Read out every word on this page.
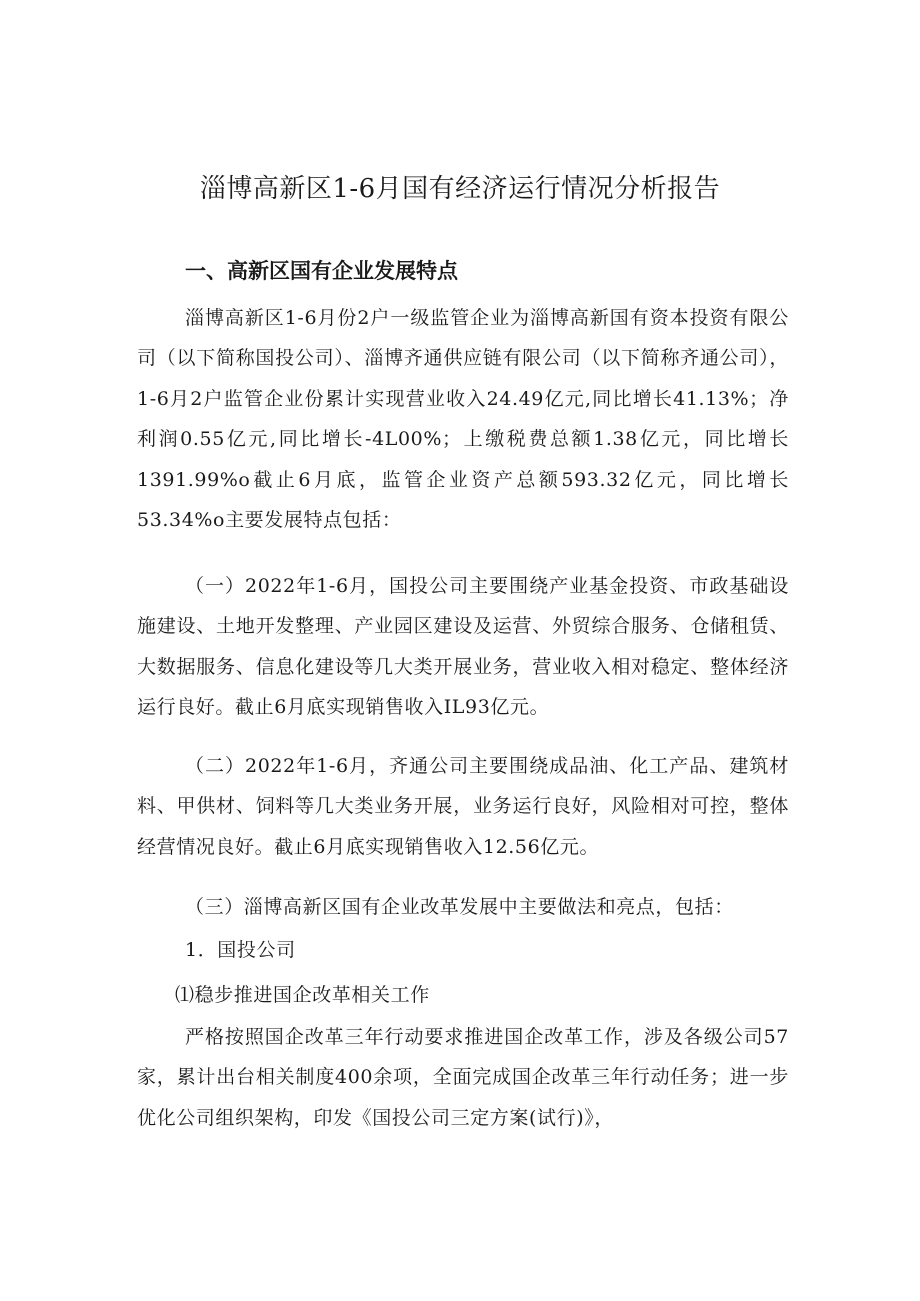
淄博高新区1-6月国有经济运行情况分析报告
一、高新区国有企业发展特点

淄博高新区1-6月份2户一级监管企业为淄博高新国有资本投资有限公司（以下简称国投公司）、淄博齐通供应链有限公司（以下简称齐通公司），1-6月2户监管企业份累计实现营业收入24.49亿元,同比增长41.13%；净利润0.55亿元,同比增长-4L00%；上缴税费总额1.38亿元，同比增长1391.99%o截止6月底，监管企业资产总额593.32亿元，同比增长53.34%o主要发展特点包括：

（一）2022年1-6月，国投公司主要围绕产业基金投资、市政基础设施建设、土地开发整理、产业园区建设及运营、外贸综合服务、仓储租赁、大数据服务、信息化建设等几大类开展业务，营业收入相对稳定、整体经济运行良好。截止6月底实现销售收入IL93亿元。

（二）2022年1-6月，齐通公司主要围绕成品油、化工产品、建筑材料、甲供材、饲料等几大类业务开展，业务运行良好，风险相对可控，整体经营情况良好。截止6月底实现销售收入12.56亿元。

（三）淄博高新区国有企业改革发展中主要做法和亮点，包括：

1．国投公司

⑴稳步推进国企改革相关工作

严格按照国企改革三年行动要求推进国企改革工作，涉及各级公司57家，累计出台相关制度400余项，全面完成国企改革三年行动任务；进一步优化公司组织架构，印发《国投公司三定方案(试行)》，
